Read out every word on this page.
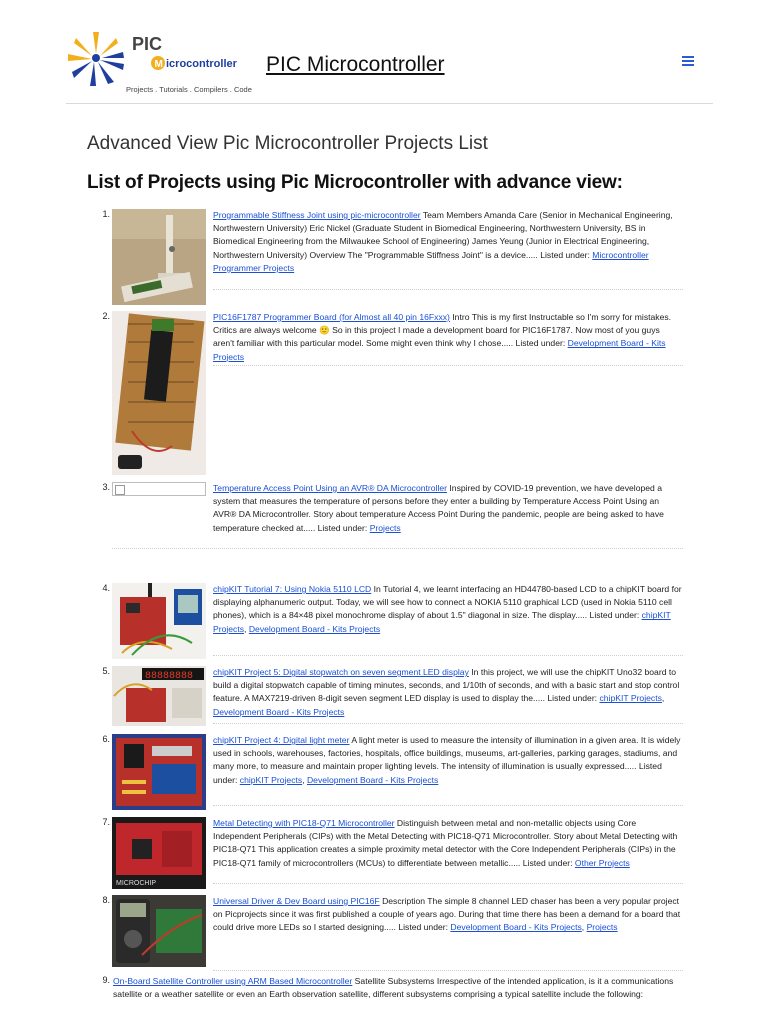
PIC
M icrocontroller
Projects . Tutorials . Compilers . Code
PIC Microcontroller
Advanced View Pic Microcontroller Projects List
List of Projects using Pic Microcontroller with advance view:
1.	Programmable Stiffness Joint using pic-microcontroller Team Members Amanda Care (Senior in Mechanical Engineering, Northwestern University) Eric Nickel (Graduate Student in Biomedical Engineering, Northwestern University, BS in Biomedical Engineering from the Milwaukee School of Engineering) James Yeung (Junior in Electrical Engineering, Northwestern University) Overview The "Programmable Stiffness Joint" is a device..... Listed under: Microcontroller Programmer Projects
2.	PIC16F1787 Programmer Board (for Almost all 40 pin 16Fxxx) Intro This is my first Instructable so I'm sorry for mistakes. Critics are always welcome 🙂 So in this project I made a development board for PIC16F1787. Now most of you guys aren't familiar with this particular model. Some might even think why I chose..... Listed under: Development Board - Kits Projects
3.	Temperature Access Point Using an AVR® DA Microcontroller Inspired by COVID-19 prevention, we have developed a system that measures the temperature of persons before they enter a building by Temperature Access Point Using an AVR® DA Microcontroller. Story about temperature Access Point During the pandemic, people are being asked to have temperature checked at..... Listed under: Projects
4.	chipKIT Tutorial 7: Using Nokia 5110 LCD In Tutorial 4, we learnt interfacing an HD44780-based LCD to a chipKIT board for displaying alphanumeric output. Today, we will see how to connect a NOKIA 5110 graphical LCD (used in Nokia 5110 cell phones), which is a 84×48 pixel monochrome display of about 1.5" diagonal in size. The display..... Listed under: chipKIT Projects, Development Board - Kits Projects
5.	88888888 chipKIT Project 5: Digital stopwatch on seven segment LED display In this project, we will use the chipKIT Uno32 board to build a digital stopwatch capable of timing minutes, seconds, and 1/10th of seconds, and with a basic start and stop control feature. A MAX7219-driven 8-digit seven segment LED display is used to display the..... Listed under: chipKIT Projects, Development Board - Kits Projects
6.	chipKIT Project 4: Digital light meter A light meter is used to measure the intensity of illumination in a given area. It is widely used in schools, warehouses, factories, hospitals, office buildings, museums, art-galleries, parking garages, stadiums, and many more, to measure and maintain proper lighting levels. The intensity of illumination is usually expressed..... Listed under: chipKIT Projects, Development Board - Kits Projects
7.
MICROCHIP
Metal Detecting with PIC18-Q71 Microcontroller Distinguish between metal and non-metallic objects using Core Independent Peripherals (CIPs) with the Metal Detecting with PIC18-Q71 Microcontroller. Story about Metal Detecting with PIC18-Q71 This application creates a simple proximity metal detector with the Core Independent Peripherals (CIPs) in the PIC18-Q71 family of microcontrollers (MCUs) to differentiate between metallic..... Listed under: Other Projects
8.	Universal Driver & Dev Board using PIC16F Description The simple 8 channel LED chaser has been a very popular project on Picprojects since it was first published a couple of years ago. During that time there has been a demand for a board that could drive more LEDs so I started designing..... Listed under: Development Board - Kits Projects, Projects
9. On-Board Satellite Controller using ARM Based Microcontroller Satellite Subsystems Irrespective of the intended application, is it a communications satellite or a weather satellite or even an Earth observation satellite, different subsystems comprising a typical satellite include the following:
